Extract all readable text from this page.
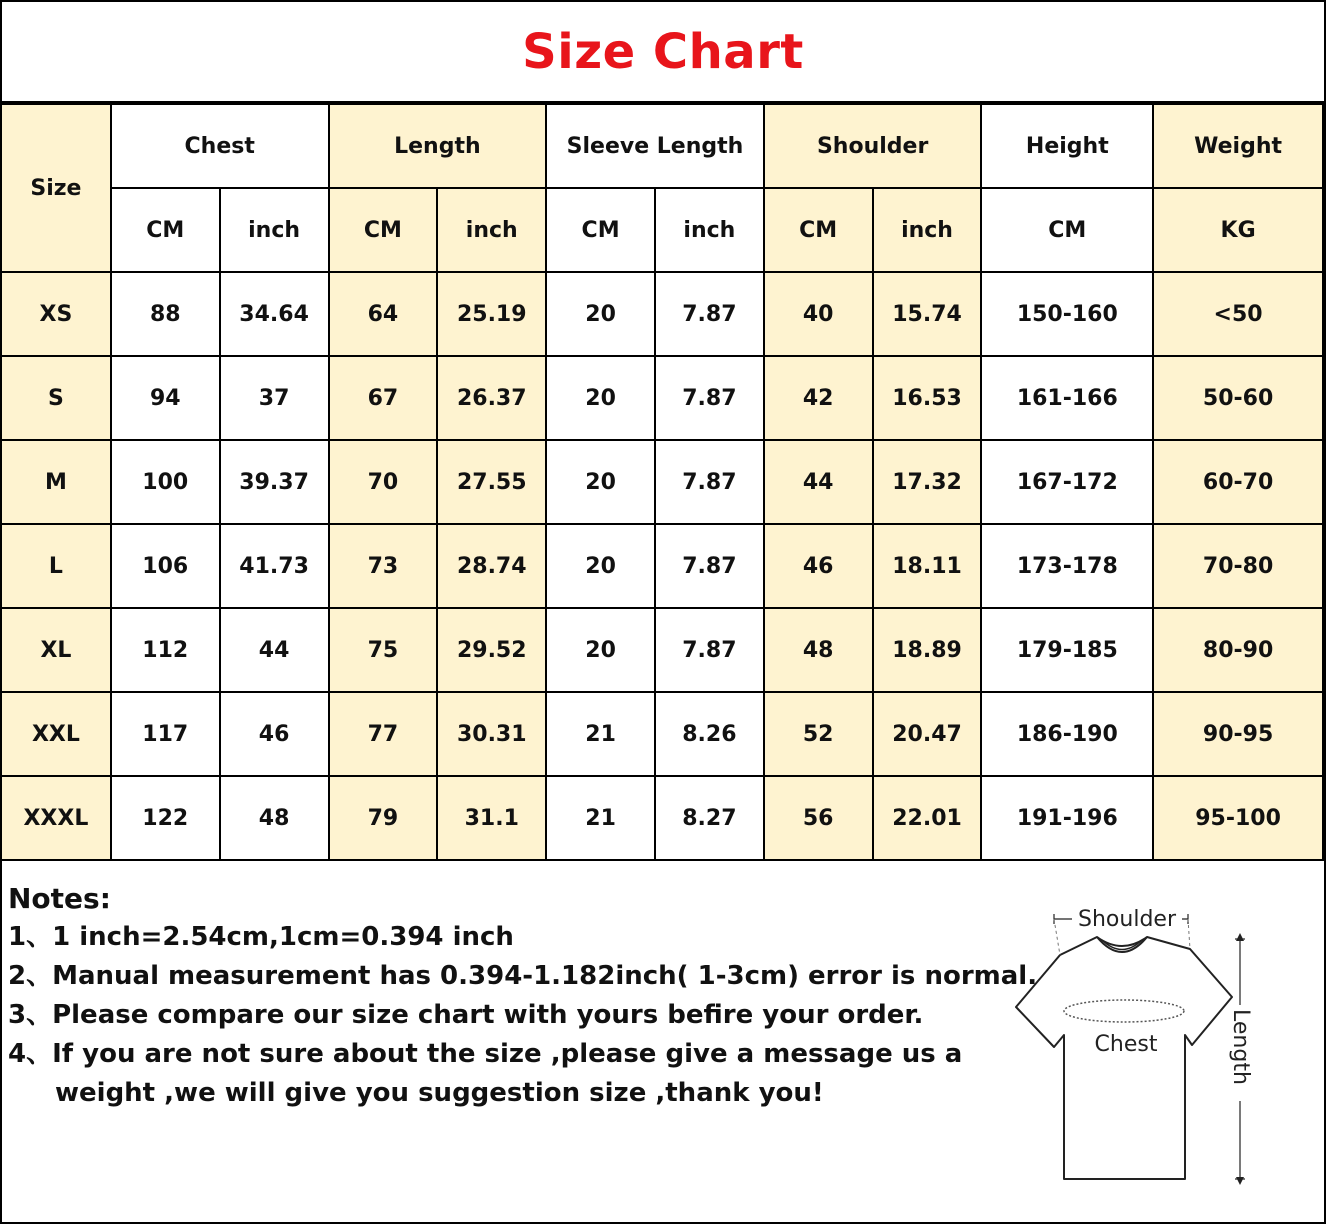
Size Chart
Size	Chest		Length		Sleeve Length		Shoulder		Height	Weight
	CM	inch	CM	inch	CM	inch	CM	inch	CM	KG
XS	88	34.64	64	25.19	20	7.87	40	15.74	150-160	<50
S	94	37	67	26.37	20	7.87	42	16.53	161-166	50-60
M	100	39.37	70	27.55	20	7.87	44	17.32	167-172	60-70
L	106	41.73	73	28.74	20	7.87	46	18.11	173-178	70-80
XL	112	44	75	29.52	20	7.87	48	18.89	179-185	80-90
XXL	117	46	77	30.31	21	8.26	52	20.47	186-190	90-95
XXXL	122	48	79	31.1	21	8.27	56	22.01	191-196	95-100
Notes:
1、1 inch=2.54cm,1cm=0.394 inch
2、Manual measurement has 0.394-1.182inch( 1-3cm) error is normal.
3、Please compare our size chart with yours befire your order.
4、If you are not sure about the size ,please give a message us a
weight ,we will give you suggestion size ,thank you!
Shoulder
Chest	Length
